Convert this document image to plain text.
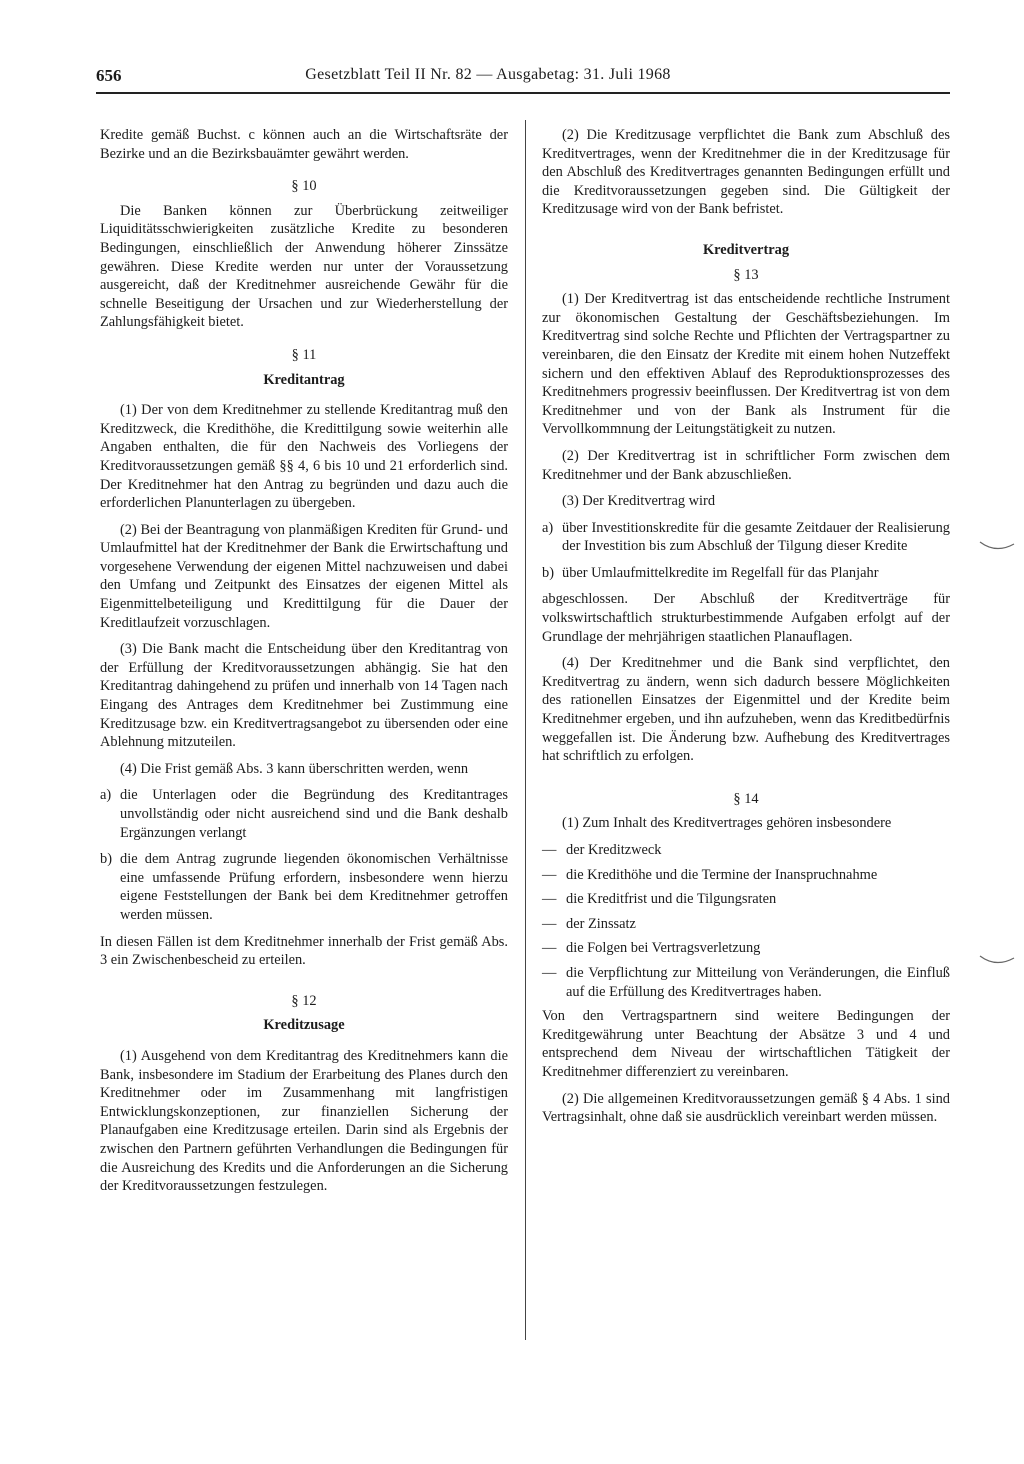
656	Gesetzblatt Teil II Nr. 82 — Ausgabetag: 31. Juli 1968

Kredite gemäß Buchst. c können auch an die Wirtschaftsräte der Bezirke und an die Bezirksbauämter gewährt werden.

§ 10

Die Banken können zur Überbrückung zeitweiliger Liquiditätsschwierigkeiten zusätzliche Kredite zu besonderen Bedingungen, einschließlich der Anwendung höherer Zinssätze gewähren. Diese Kredite werden nur unter der Voraussetzung ausgereicht, daß der Kreditnehmer ausreichende Gewähr für die schnelle Beseitigung der Ursachen und zur Wiederherstellung der Zahlungsfähigkeit bietet.

§ 11
Kreditantrag

(1) Der von dem Kreditnehmer zu stellende Kreditantrag muß den Kreditzweck, die Kredithöhe, die Kredittilgung sowie weiterhin alle Angaben enthalten, die für den Nachweis des Vorliegens der Kreditvoraussetzungen gemäß §§ 4, 6 bis 10 und 21 erforderlich sind. Der Kreditnehmer hat den Antrag zu begründen und dazu auch die erforderlichen Planunterlagen zu übergeben.

(2) Bei der Beantragung von planmäßigen Krediten für Grund- und Umlaufmittel hat der Kreditnehmer der Bank die Erwirtschaftung und vorgesehene Verwendung der eigenen Mittel nachzuweisen und dabei den Umfang und Zeitpunkt des Einsatzes der eigenen Mittel als Eigenmittelbeteiligung und Kredittilgung für die Dauer der Kreditlaufzeit vorzuschlagen.

(3) Die Bank macht die Entscheidung über den Kreditantrag von der Erfüllung der Kreditvoraussetzungen abhängig. Sie hat den Kreditantrag dahingehend zu prüfen und innerhalb von 14 Tagen nach Eingang des Antrages dem Kreditnehmer bei Zustimmung eine Kreditzusage bzw. ein Kreditvertragsangebot zu übersenden oder eine Ablehnung mitzuteilen.

(4) Die Frist gemäß Abs. 3 kann überschritten werden, wenn

a) die Unterlagen oder die Begründung des Kreditantrages unvollständig oder nicht ausreichend sind und die Bank deshalb Ergänzungen verlangt
b) die dem Antrag zugrunde liegenden ökonomischen Verhältnisse eine umfassende Prüfung erfordern, insbesondere wenn hierzu eigene Feststellungen der Bank bei dem Kreditnehmer getroffen werden müssen.

In diesen Fällen ist dem Kreditnehmer innerhalb der Frist gemäß Abs. 3 ein Zwischenbescheid zu erteilen.

§ 12
Kreditzusage

(1) Ausgehend von dem Kreditantrag des Kreditnehmers kann die Bank, insbesondere im Stadium der Erarbeitung des Planes durch den Kreditnehmer oder im Zusammenhang mit langfristigen Entwicklungskonzeptionen, zur finanziellen Sicherung der Planaufgaben eine Kreditzusage erteilen. Darin sind als Ergebnis der zwischen den Partnern geführten Verhandlungen die Bedingungen für die Ausreichung des Kredits und die Anforderungen an die Sicherung der Kreditvoraussetzungen festzulegen.

(2) Die Kreditzusage verpflichtet die Bank zum Abschluß des Kreditvertrages, wenn der Kreditnehmer die in der Kreditzusage für den Abschluß des Kreditvertrages genannten Bedingungen erfüllt und die Kreditvoraussetzungen gegeben sind. Die Gültigkeit der Kreditzusage wird von der Bank befristet.

Kreditvertrag
§ 13

(1) Der Kreditvertrag ist das entscheidende rechtliche Instrument zur ökonomischen Gestaltung der Geschäftsbeziehungen. Im Kreditvertrag sind solche Rechte und Pflichten der Vertragspartner zu vereinbaren, die den Einsatz der Kredite mit einem hohen Nutzeffekt sichern und den effektiven Ablauf des Reproduktionsprozesses des Kreditnehmers progressiv beeinflussen. Der Kreditvertrag ist von dem Kreditnehmer und von der Bank als Instrument für die Vervollkommnung der Leitungstätigkeit zu nutzen.

(2) Der Kreditvertrag ist in schriftlicher Form zwischen dem Kreditnehmer und der Bank abzuschließen.

(3) Der Kreditvertrag wird

a) über Investitionskredite für die gesamte Zeitdauer der Realisierung der Investition bis zum Abschluß der Tilgung dieser Kredite
b) über Umlaufmittelkredite im Regelfall für das Planjahr

abgeschlossen. Der Abschluß der Kreditverträge für volkswirtschaftlich strukturbestimmende Aufgaben erfolgt auf der Grundlage der mehrjährigen staatlichen Planauflagen.

(4) Der Kreditnehmer und die Bank sind verpflichtet, den Kreditvertrag zu ändern, wenn sich dadurch bessere Möglichkeiten des rationellen Einsatzes der Eigenmittel und der Kredite beim Kreditnehmer ergeben, und ihn aufzuheben, wenn das Kreditbedürfnis weggefallen ist. Die Änderung bzw. Aufhebung des Kreditvertrages hat schriftlich zu erfolgen.

§ 14

(1) Zum Inhalt des Kreditvertrages gehören insbesondere

— der Kreditzweck
— die Kredithöhe und die Termine der Inanspruchnahme
— die Kreditfrist und die Tilgungsraten
— der Zinssatz
— die Folgen bei Vertragsverletzung
— die Verpflichtung zur Mitteilung von Veränderungen, die Einfluß auf die Erfüllung des Kreditvertrages haben.

Von den Vertragspartnern sind weitere Bedingungen der Kreditgewährung unter Beachtung der Absätze 3 und 4 und entsprechend dem Niveau der wirtschaftlichen Tätigkeit der Kreditnehmer differenziert zu vereinbaren.

(2) Die allgemeinen Kreditvoraussetzungen gemäß § 4 Abs. 1 sind Vertragsinhalt, ohne daß sie ausdrücklich vereinbart werden müssen.
